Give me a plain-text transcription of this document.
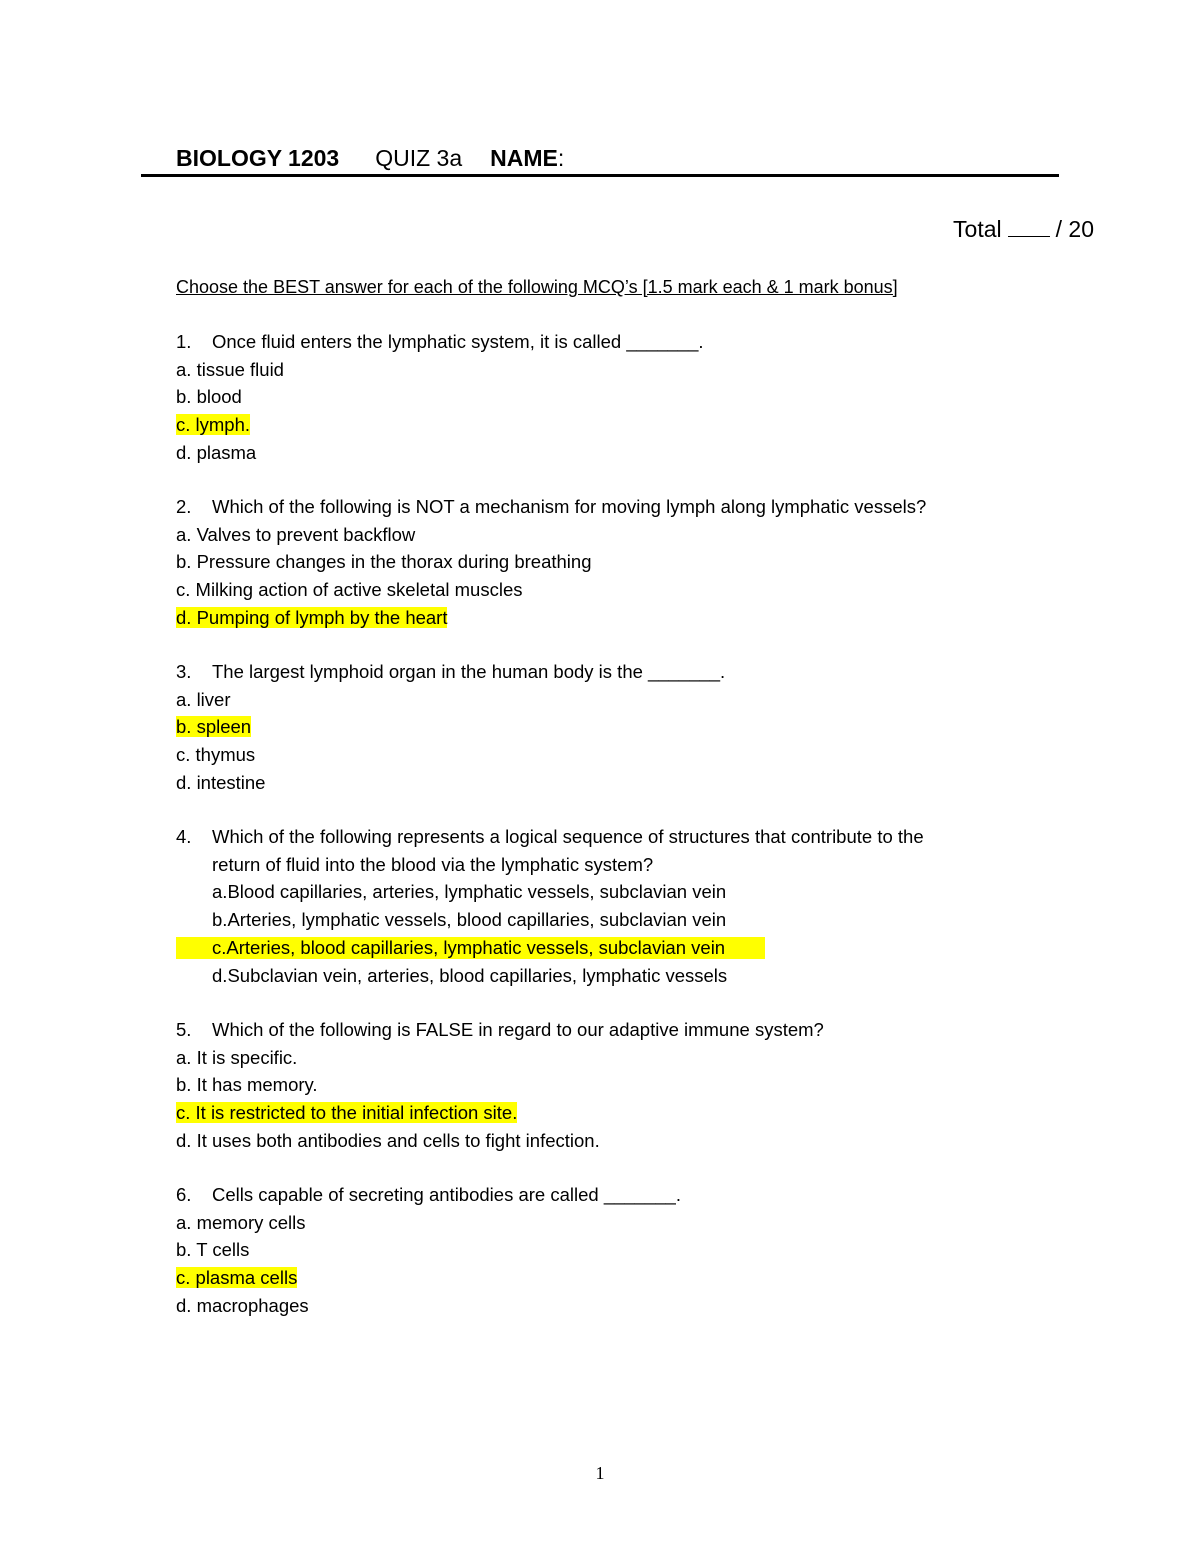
BIOLOGY 1203 QUIZ 3a NAME:
Total / 20
Choose the BEST answer for each of the following MCQ’s [1.5 mark each & 1 mark bonus]
1. Once fluid enters the lymphatic system, it is called _______.
a. tissue fluid
b. blood
c. lymph.
d. plasma
2. Which of the following is NOT a mechanism for moving lymph along lymphatic vessels?
a. Valves to prevent backflow
b. Pressure changes in the thorax during breathing
c. Milking action of active skeletal muscles
d. Pumping of lymph by the heart
3. The largest lymphoid organ in the human body is the _______.
a. liver
b. spleen
c. thymus
d. intestine
4. Which of the following represents a logical sequence of structures that contribute to the
return of fluid into the blood via the lymphatic system?
a.Blood capillaries, arteries, lymphatic vessels, subclavian vein
b.Arteries, lymphatic vessels, blood capillaries, subclavian vein
c.Arteries, blood capillaries, lymphatic vessels, subclavian vein
d.Subclavian vein, arteries, blood capillaries, lymphatic vessels
5. Which of the following is FALSE in regard to our adaptive immune system?
a. It is specific.
b. It has memory.
c. It is restricted to the initial infection site.
d. It uses both antibodies and cells to fight infection.
6. Cells capable of secreting antibodies are called _______.
a. memory cells
b. T cells
c. plasma cells
d. macrophages
1
